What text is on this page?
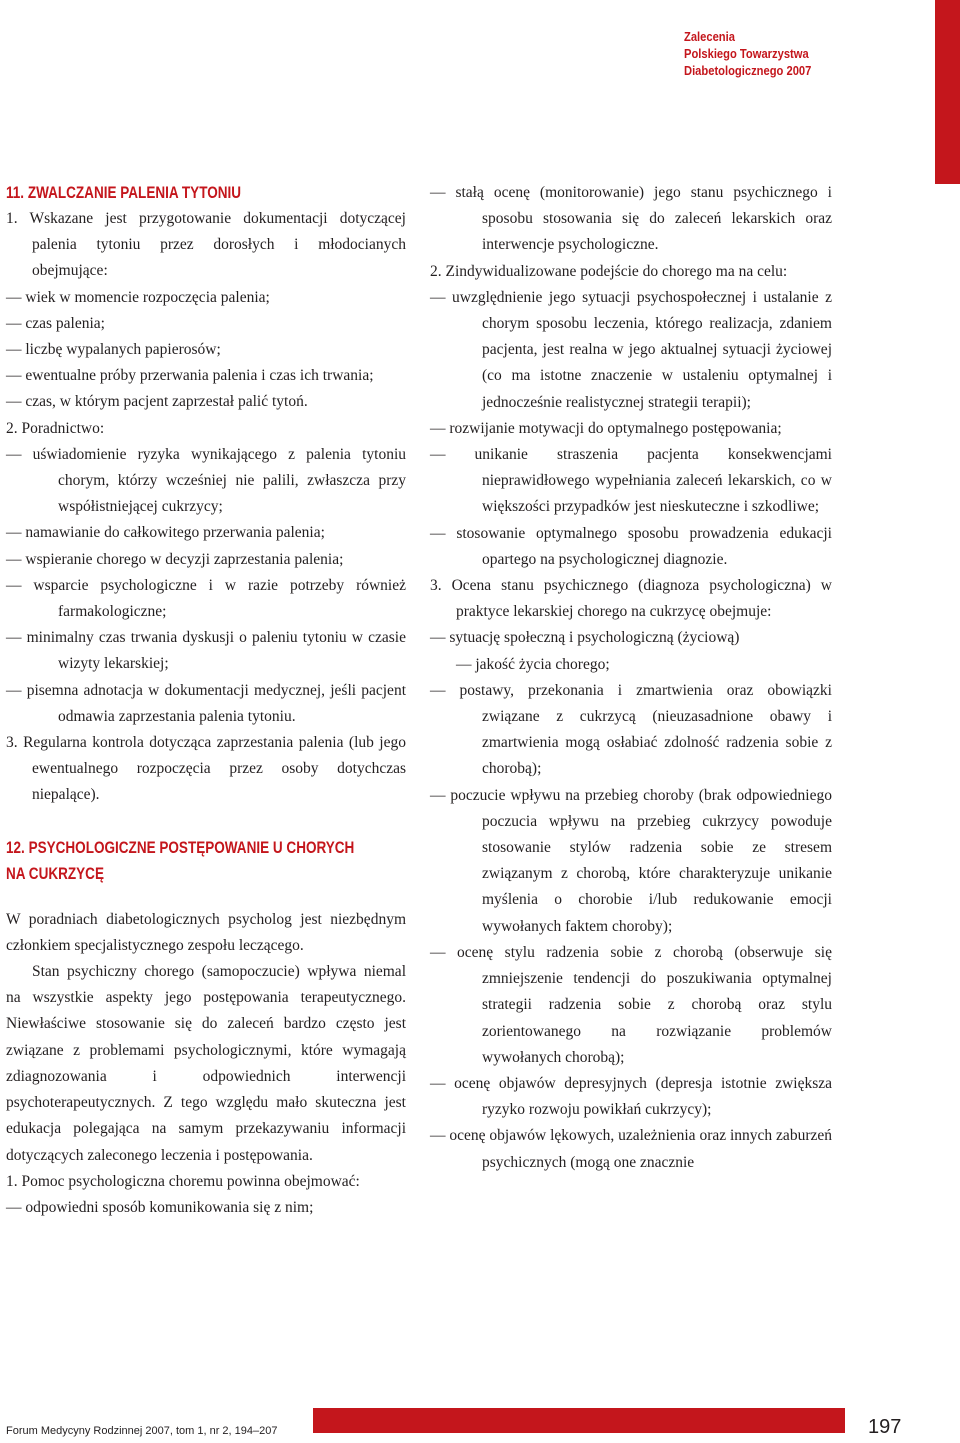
Zalecenia
Polskiego Towarzystwa
Diabetologicznego 2007
11. ZWALCZANIE PALENIA TYTONIU

1. Wskazane jest przygotowanie dokumentacji dotyczącej palenia tytoniu przez dorosłych i młodocianych obejmujące:

— wiek w momencie rozpoczęcia palenia;

— czas palenia;

— liczbę wypalanych papierosów;

— ewentualne próby przerwania palenia i czas ich trwania;

— czas, w którym pacjent zaprzestał palić tytoń.

2. Poradnictwo:

— uświadomienie ryzyka wynikającego z palenia tytoniu chorym, którzy wcześniej nie palili, zwłaszcza przy współistniejącej cukrzycy;

— namawianie do całkowitego przerwania palenia;

— wspieranie chorego w decyzji zaprzestania palenia;

— wsparcie psychologiczne i w razie potrzeby również farmakologiczne;

— minimalny czas trwania dyskusji o paleniu tytoniu w czasie wizyty lekarskiej;

— pisemna adnotacja w dokumentacji medycznej, jeśli pacjent odmawia zaprzestania palenia tytoniu.

3. Regularna kontrola dotycząca zaprzestania palenia (lub jego ewentualnego rozpoczęcia przez osoby dotychczas niepalące).

12. PSYCHOLOGICZNE POSTĘPOWANIE U CHORYCH
NA CUKRZYCĘ

W poradniach diabetologicznych psycholog jest niezbędnym członkiem specjalistycznego zespołu leczącego.

Stan psychiczny chorego (samopoczucie) wpływa niemal na wszystkie aspekty jego postępowania terapeutycznego. Niewłaściwe stosowanie się do zaleceń bardzo często jest związane z problemami psychologicznymi, które wymagają zdiagnozowania i odpowiednich interwencji psychoterapeutycznych. Z tego względu mało skuteczna jest edukacja polegająca na samym przekazywaniu informacji dotyczących zaleconego leczenia i postępowania.

1. Pomoc psychologiczna choremu powinna obejmować:

— odpowiedni sposób komunikowania się z nim;

— stałą ocenę (monitorowanie) jego stanu psychicznego i sposobu stosowania się do zaleceń lekarskich oraz interwencje psychologiczne.

2. Zindywidualizowane podejście do chorego ma na celu:

— uwzględnienie jego sytuacji psychospołecznej i ustalanie z chorym sposobu leczenia, którego realizacja, zdaniem pacjenta, jest realna w jego aktualnej sytuacji życiowej (co ma istotne znaczenie w ustaleniu optymalnej i jednocześnie realistycznej strategii terapii);

— rozwijanie motywacji do optymalnego postępowania;

— unikanie straszenia pacjenta konsekwencjami nieprawidłowego wypełniania zaleceń lekarskich, co w większości przypadków jest nieskuteczne i szkodliwe;

— stosowanie optymalnego sposobu prowadzenia edukacji opartego na psychologicznej diagnozie.

3. Ocena stanu psychicznego (diagnoza psychologiczna) w praktyce lekarskiej chorego na cukrzycę obejmuje:

— sytuację społeczną i psychologiczną (życiową)

— jakość życia chorego;

— postawy, przekonania i zmartwienia oraz obowiązki związane z cukrzycą (nieuzasadnione obawy i zmartwienia mogą osłabiać zdolność radzenia sobie z chorobą);

— poczucie wpływu na przebieg choroby (brak odpowiedniego poczucia wpływu na przebieg cukrzycy powoduje stosowanie stylów radzenia sobie ze stresem związanym z chorobą, które charakteryzuje unikanie myślenia o chorobie i/lub redukowanie emocji wywołanych faktem choroby);

— ocenę stylu radzenia sobie z chorobą (obserwuje się zmniejszenie tendencji do poszukiwania optymalnej strategii radzenia sobie z chorobą oraz stylu zorientowanego na rozwiązanie problemów wywołanych chorobą);

— ocenę objawów depresyjnych (depresja istotnie zwiększa ryzyko rozwoju powikłań cukrzycy);

— ocenę objawów lękowych, uzależnienia oraz innych zaburzeń psychicznych (mogą one znacznie

Forum Medycyny Rodzinnej 2007, tom 1, nr 2, 194–207	197
